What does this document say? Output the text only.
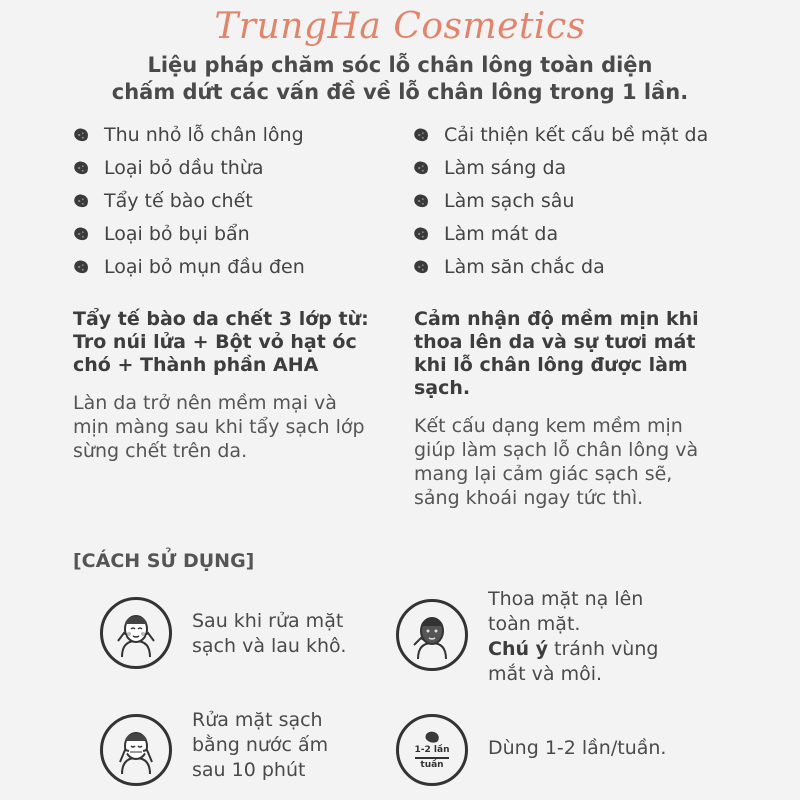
TrungHa Cosmetics
Liệu pháp chăm sóc lỗ chân lông toàn diện
chấm dứt các vấn đề về lỗ chân lông trong 1 lần.
Thu nhỏ lỗ chân lông
Loại bỏ dầu thừa
Tẩy tế bào chết
Loại bỏ bụi bẩn
Loại bỏ mụn đầu đen
Cải thiện kết cấu bề mặt da
Làm sáng da
Làm sạch sâu
Làm mát da
Làm săn chắc da
Tẩy tế bào da chết 3 lớp từ:
Tro núi lửa + Bột vỏ hạt óc
chó + Thành phần AHA
Làn da trở nên mềm mại và
mịn màng sau khi tẩy sạch lớp
sừng chết trên da.
Cảm nhận độ mềm mịn khi
thoa lên da và sự tươi mát
khi lỗ chân lông được làm
sạch.
Kết cấu dạng kem mềm mịn
giúp làm sạch lỗ chân lông và
mang lại cảm giác sạch sẽ,
sảng khoái ngay tức thì.
[CÁCH SỬ DỤNG]
Sau khi rửa mặt
sạch và lau khô.
Thoa mặt nạ lên
toàn mặt.
Chú ý tránh vùng
mắt và môi.
Rửa mặt sạch
bằng nước ấm
sau 10 phút
1-2 lần
tuần
Dùng 1-2 lần/tuần.
